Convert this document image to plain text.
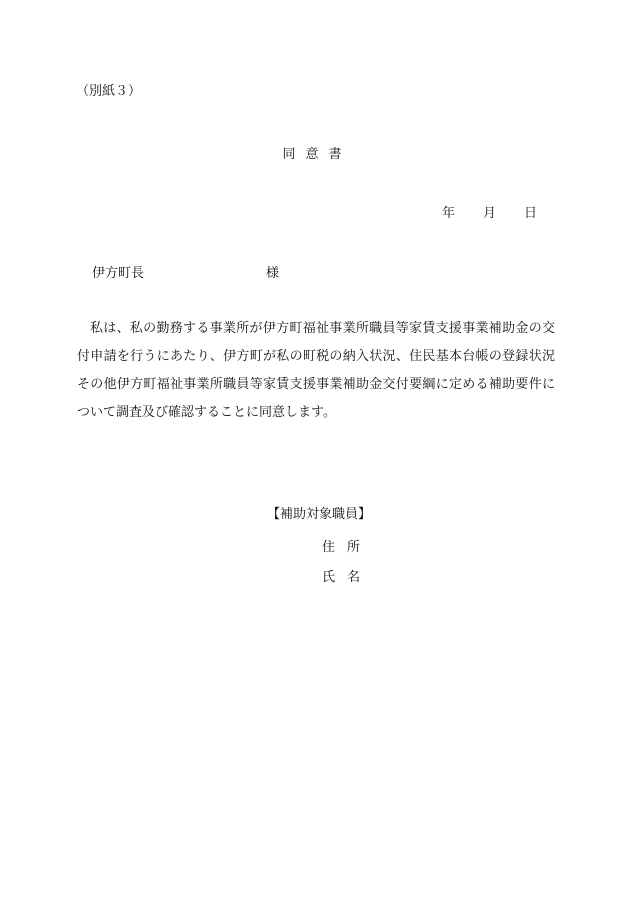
（別紙３）
同意書
年 月 日
伊方町長	様

私は、私の勤務する事業所が伊方町福祉事業所職員等家賃支援事業補助金の交付申請を行うにあたり、伊方町が私の町税の納入状況、住民基本台帳の登録状況その他伊方町福祉事業所職員等家賃支援事業補助金交付要綱に定める補助要件について調査及び確認することに同意します。

【補助対象職員】
住所
氏名
